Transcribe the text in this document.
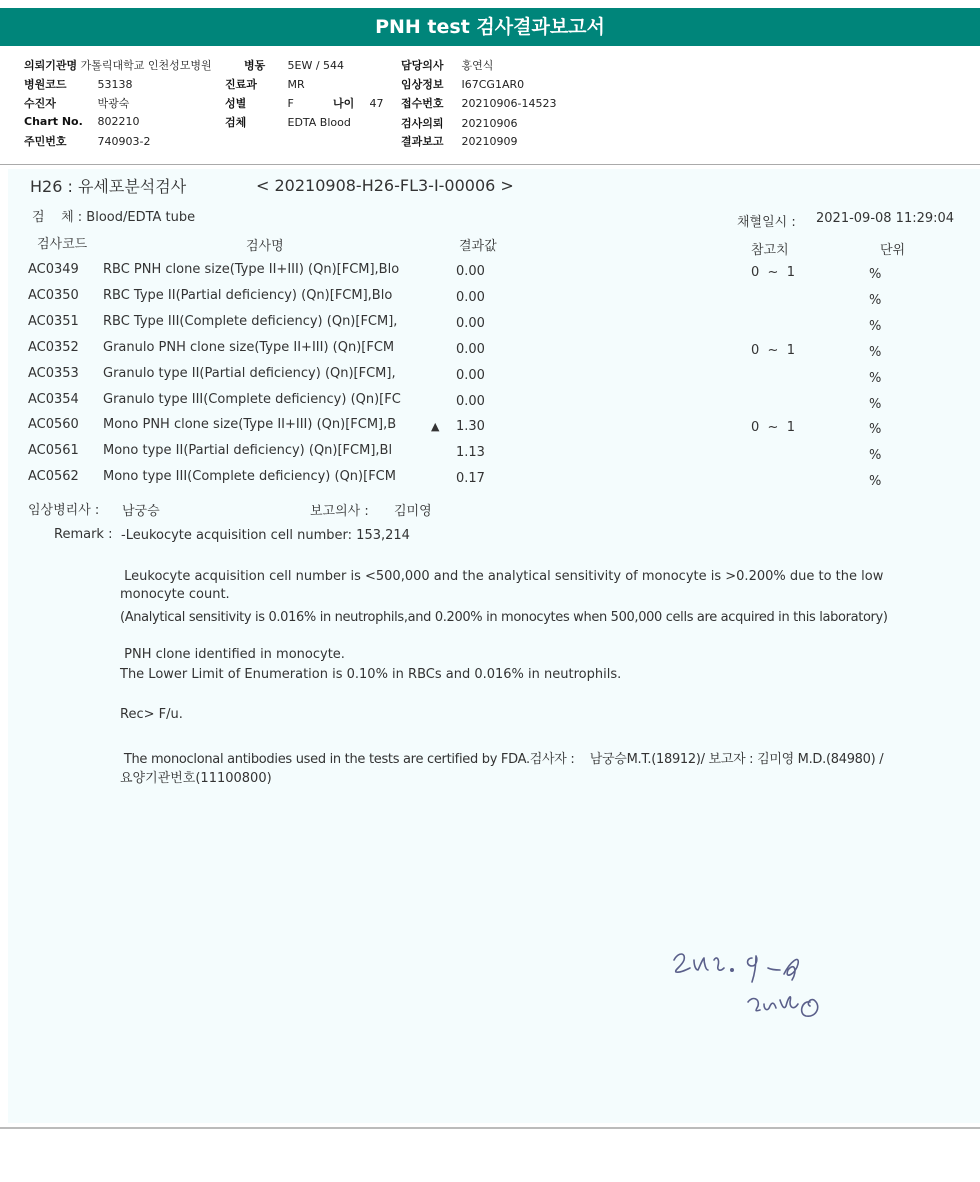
PNH test 검사결과보고서
의뢰기관명 가톨릭대학교 인천성모병원
병원코드	53138
수진자	박광숙
Chart No. 802210
주민번호	740903-2
병동 5EW / 544
진료과	MR
성별	F	나이 47
검체	EDTA Blood
담당의사 홍연식
임상정보 I67CG1AR0
접수번호 20210906-14523
검사의뢰 20210906
결과보고 20210909
H26 : 유세포분석검사	< 20210908-H26-FL3-I-00006 >
검    체 : Blood/EDTA tube	채혈일시 : 2021-09-08 11:29:04
검사코드	검사명	결과값	참고치	단위
AC0349 RBC PNH clone size(Type II+III) (Qn)[FCM],Blo	0.00	0  ~  1	%
AC0350 RBC Type II(Partial deficiency) (Qn)[FCM],Blo	0.00	%
AC0351 RBC Type III(Complete deficiency) (Qn)[FCM],	0.00	%
AC0352 Granulo PNH clone size(Type II+III) (Qn)[FCM	0.00	0  ~  1	%
AC0353 Granulo type II(Partial deficiency) (Qn)[FCM],	0.00	%
AC0354 Granulo type III(Complete deficiency) (Qn)[FC	0.00	%
AC0560 Mono PNH clone size(Type II+III) (Qn)[FCM],B	▲ 1.30	0  ~  1	%
AC0561 Mono type II(Partial deficiency) (Qn)[FCM],Bl	1.13	%
AC0562 Mono type III(Complete deficiency) (Qn)[FCM	0.17	%
임상병리사 : 남궁승	보고의사 : 김미영
Remark : -Leukocyte acquisition cell number: 153,214
Leukocyte acquisition cell number is <500,000 and the analytical sensitivity of monocyte is >0.200% due to the low
monocyte count.
(Analytical sensitivity is 0.016% in neutrophils,and 0.200% in monocytes when 500,000 cells are acquired in this laboratory)
PNH clone identified in monocyte.
The Lower Limit of Enumeration is 0.10% in RBCs and 0.016% in neutrophils.
Rec> F/u.
The monoclonal antibodies used in the tests are certified by FDA.검사자 :    남궁승M.T.(18912)/ 보고자 : 김미영 M.D.(84980) /
요양기관번호(11100800)
